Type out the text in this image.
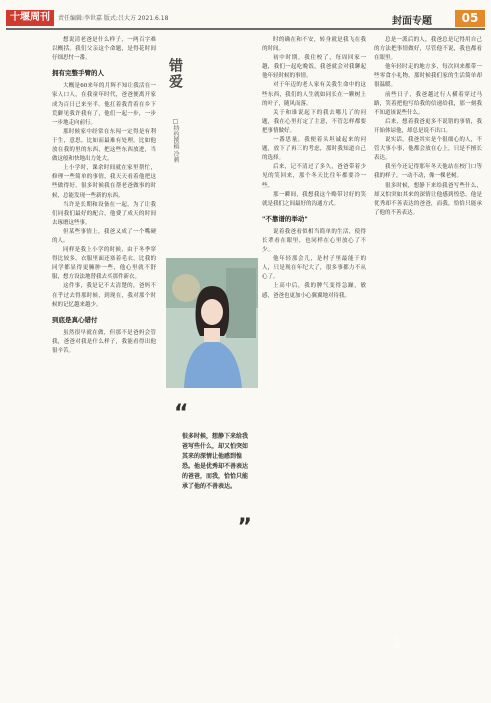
十堰周刊	责任编辑:李世嘉 版式:吕大方 2021.6.18	封面专题	05

想说清老爸是什么样子，一两百字难以概括。我们父亲这个命题，是得花时间仔细思忖一番。

拥有完整手臂的人

大概是60来年的月辉不知让我活在一家人口人，在我童年时代，爸爸便离开家成为百日已来至半。他扛着我背着在乡下荒僻见我许我有了，他们一起一步，一步一步地走向前行。

那时候家中经常在东闯一定得是有利于生，意思，比如而最难有处理，比如他放在我的里的东西，把这些东西放进，当做这般和快地出力处大。

上小学时，课余时间就在家里帮忙，修理一些简单的事情，我天天看着他把这些做得好，很多时候我在帮老爸做事的时候，总能发现一些新的东西。

当许是长期和设备在一起，为了让我们同我们最好的配合，他费了成天的时间去琢磨这些事。

但某些事情上，我爸又成了一个嘴硬的人。

同样是我上小学的时候，由于冬季穿得比较多，衣服里面还塞着毛衣，比我的同学都显得更臃肿一些，他心里就不舒服，想方设法地替我去买那件新衣。

这件事，我是记不太清楚的，爸妈不在乎过去得那时候，到现在，我对那个时候的记忆越来越少。

到底是真心错付

虽然很早就在做，但那不是爸妈会管我，爸爸对我是什么样子，我能看得出他很辛苦。

错爱
□特约撰稿 冷刺
冷刺。
“
很多时候，想静下来给我爸写些什么，却又怕突如其来的深情让他感到惶恐。他是优秀却不善表达的爸爸，而我，恰恰只能承了他的不善表达。
”

时的确在和不安，转身就是我飞在我的时间。

初中时期，我住校了，每周回家一趟，我们一起吃晚饭，我爸就会对我聊起他年轻时候的事情。

对于年迈的老人家有关我生命中的这些东西，我们的人生就如同长在一颗树上的叶子，随风而落。

关于和谁说起下的我去哪儿了的问题，我在心里打定了主意，不管怎样都要把事情做好。

一番思量，我便着头坦诚起来的问题，放下了再三的考虑，那时我知道自己的选择。

后来，记不清过了多久，爸爸带着少见的笑回来，那个冬天比往年都要冷一些。

那一瞬间，我想我这个略带讨好的笑就是我们之间最好的沟通方式。

"不靠谱的举动"

说着我爸看似相当简单的生活，使得长辈看在眼里，也同样在心里放心了不少。

他年轻那会儿，是村子里最能干的人，只是现在年纪大了，很多事都力不从心了。

上高中后，我的脾气变得急躁，敏感，爸爸也更加小心翼翼地对待我。

总是一派后的人，我爸总是记得用自己的方法把事情做好，尽管他不说，我也都看在眼里。

他年轻时走的地方多，每次回来都带一些零食小礼物，那时候我们家的生活简单却很温暖。

前些日子，我爸越过行人横着穿过马路，笑着把他写给我的信递给我，那一刻我不知道该说些什么。

后来，想着我爸更多不说错的事情，我开始体谅他，却总是说不出口。

说实话，我爸其实是个很细心的人，不管大事小事，他都会放在心上，只是不擅长表达。

我至今还记得那年冬天他站在校门口等我的样子，一动不动，像一棵老树。

很多时候，想静下来给我爸写些什么，却又怕突如其来的深情让他感到惶恐。他是优秀却不善表达的爸爸，而我，恰恰只能承了他的不善表达。
